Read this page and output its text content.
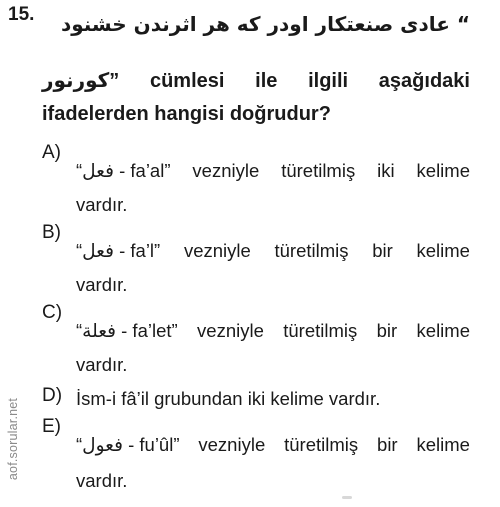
15.	“ عادی صنعتكار اودر كه هر اثرندن خشنود
كورنور” cümlesi ile ilgili aşağıdaki
ifadelerden hangisi doğrudur?
A)
“فعل - fa’al” vezniyle türetilmiş iki kelime
vardır.
B)
“فعل - fa’l” vezniyle türetilmiş bir kelime
vardır.
C)
“فعلة - fa’let” vezniyle türetilmiş bir kelime
vardır.
D) İsm-i fâ’il grubundan iki kelime vardır.
E)
“فعول - fu’ûl” vezniyle türetilmiş bir kelime
vardır.
aof.sorular.net
